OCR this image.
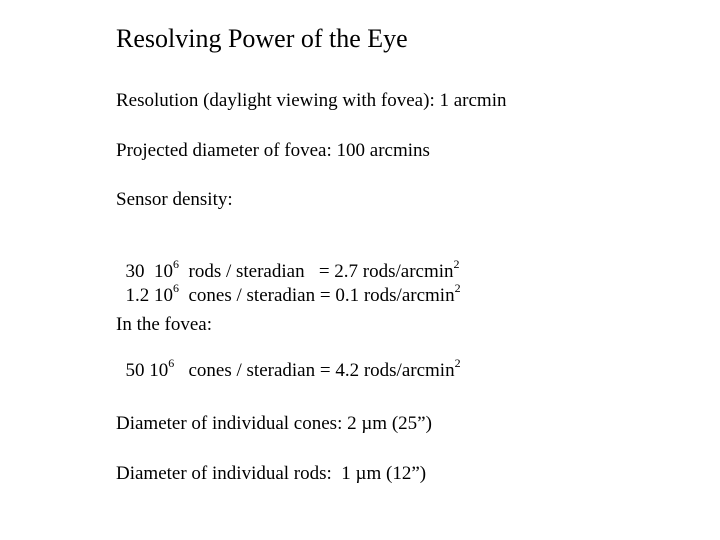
Resolving Power of the Eye
Resolution (daylight viewing with fovea): 1 arcmin
Projected diameter of fovea: 100 arcmins
Sensor density:

30  $10^6$  rods / steradian   = 2.7 rods/arcmin$^2$

1.2 $10^6$  cones / steradian = 0.1 rods/arcmin$^2$

In the fovea:

50 $10^6$   cones / steradian = 4.2 rods/arcmin$^2$

Diameter of individual cones: 2 µm (25”)
Diameter of individual rods:  1 µm (12”)
